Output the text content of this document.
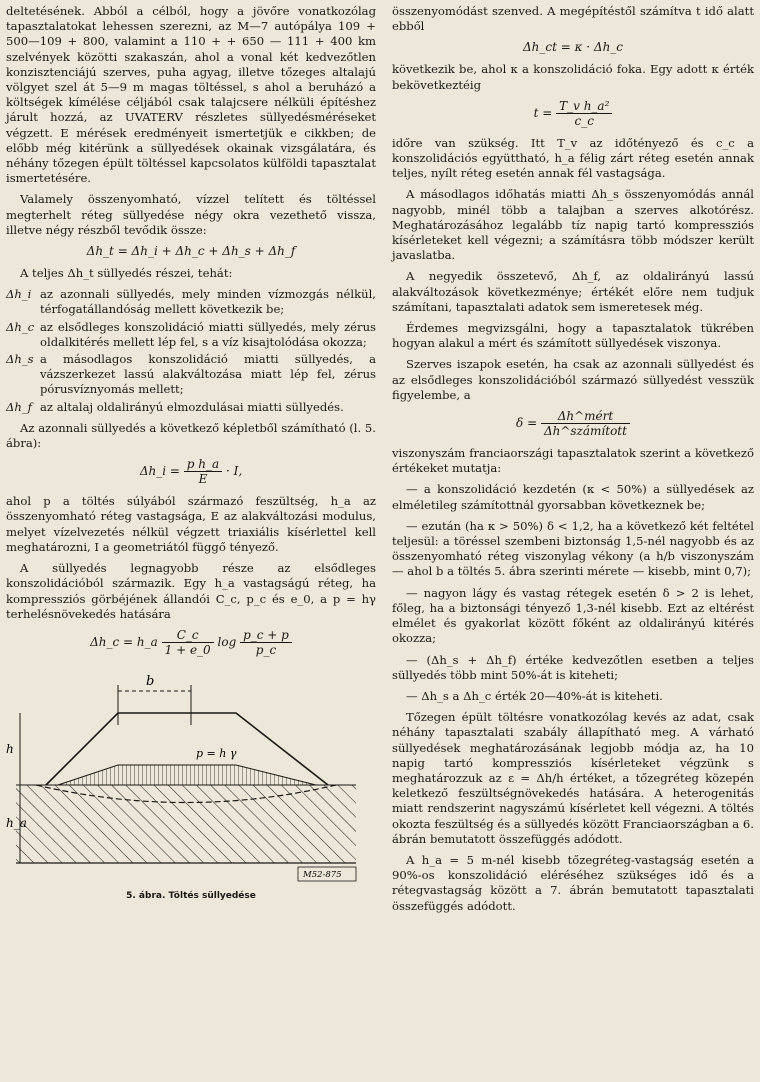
deltetésének. Abból a célból, hogy a jövőre vonatkozólag tapasztalatokat lehessen szerezni, az M—7 autópálya 109 + 500—109 + 800, valamint a 110 + + 650 — 111 + 400 km szelvények közötti szakaszán, ahol a vonal két kedvezőtlen konzisztenciájú szerves, puha agyag, illetve tőzeges altalajú völgyet szel át 5—9 m magas töltéssel, s ahol a beruházó a költségek kímélése céljából csak talajcsere nélküli építéshez járult hozzá, az UVATERV részletes süllyedésméréseket végzett. E mérések eredményeit ismertetjük e cikkben; de előbb még kitérünk a süllyedések okainak vizsgálatára, és néhány tőzegen épült töltéssel kapcsolatos külföldi tapasztalat ismertetésére.

Valamely összenyomható, vízzel telített és töltéssel megterhelt réteg süllyedése négy okra vezethető vissza, illetve négy részből tevődik össze:

Δh_t = Δh_i + Δh_c + Δh_s + Δh_f

A teljes Δh_t süllyedés részei, tehát:

Δh_i az azonnali süllyedés, mely minden vízmozgás nélkül, térfogatállandóság mellett következik be;
Δh_c az elsődleges konszolidáció miatti süllyedés, mely zérus oldalkitérés mellett lép fel, s a víz kisajtolódása okozza;
Δh_s a másodlagos konszolidáció miatti süllyedés, a vázszerkezet lassú alakváltozása miatt lép fel, zérus pórusvíznyomás mellett;
Δh_f az altalaj oldalirányú elmozdulásai miatti süllyedés.

Az azonnali süllyedés a következő képletből számítható (l. 5. ábra):

Δh_i = $\frac{\text{p h\_a}}{E} \cdot I$,

ahol p a töltés súlyából származó feszültség, h_a az összenyomható réteg vastagsága, E az alakváltozási modulus, melyet vízelvezetés nélkül végzett triaxiális kísérlettel kell meghatározni, I a geometriától függő tényező.

A süllyedés legnagyobb része az elsődleges konszolidációból származik. Egy h_a vastagságú réteg, ha kompressziós görbéjének állandói C_c, p_c és e_0, a p = hγ terhelésnövekedés hatására

Δh_c = h_a $\frac{C\_c}{1 + e\_0}$ $\log \frac{p\_c + p}{p\_c}$
b
p = h γ
h
h_a
M52-875
5. ábra. Töltés süllyedése

összenyomódást szenved. A megépítéstől számítva t idő alatt ebből

Δh_ct = κ · Δh_c

következik be, ahol κ a konszolidáció foka. Egy adott κ érték bekövetkeztéig

$t = \frac{\text{T\_v h\_a²}}{c\_c}$

időre van szükség. Itt T_v az időtényező és c_c a konszolidációs együttható, h_a félig zárt réteg esetén annak teljes, nyílt réteg esetén annak fél vastagsága.

A másodlagos időhatás miatti Δh_s összenyomódás annál nagyobb, minél több a talajban a szerves alkotórész. Meghatározásához legalább tíz napig tartó kompressziós kísérleteket kell végezni; a számításra több módszer került javaslatba.

A negyedik összetevő, Δh_f, az oldalirányú lassú alakváltozások következménye; értékét előre nem tudjuk számítani, tapasztalati adatok sem ismeretesek még.

Érdemes megvizsgálni, hogy a tapasztalatok tükrében hogyan alakul a mért és számított süllyedések viszonya.

Szerves iszapok esetén, ha csak az azonnali süllyedést és az elsődleges konszolidációból származó süllyedést vesszük figyelembe, a

$\delta = \frac{\text{Δh\textasciicircum{}mért}}{\text{Δh\textasciicircum{}számított}}$

viszonyszám franciaországi tapasztalatok szerint a következő értékeket mutatja:

— a konszolidáció kezdetén (κ < 50%) a süllyedések az elméletileg számítottnál gyorsabban következnek be;

— ezután (ha κ > 50%) δ < 1,2, ha a következő két feltétel teljesül: a töréssel szembeni biztonság 1,5-nél nagyobb és az összenyomható réteg viszonylag vékony (a h/b viszonyszám — ahol b a töltés 5. ábra szerinti mérete — kisebb, mint 0,7);

— nagyon lágy és vastag rétegek esetén δ > 2 is lehet, főleg, ha a biztonsági tényező 1,3-nél kisebb. Ezt az eltérést elmélet és gyakorlat között főként az oldalirányú kitérés okozza;

— (Δh_s + Δh_f) értéke kedvezőtlen esetben a teljes süllyedés több mint 50%-át is kiteheti;

— Δh_s a Δh_c érték 20—40%-át is kiteheti.

Tőzegen épült töltésre vonatkozólag kevés az adat, csak néhány tapasztalati szabály állapítható meg. A várható süllyedések meghatározásának legjobb módja az, ha 10 napig tartó kompressziós kísérleteket végzünk s meghatározzuk az ε = Δh/h értéket, a tőzegréteg közepén keletkező feszültségnövekedés hatására. A heterogenitás miatt rendszerint nagyszámú kísérletet kell végezni. A töltés okozta feszültség és a süllyedés között Franciaországban a 6. ábrán bemutatott összefüggés adódott.

A h_a = 5 m-nél kisebb tőzegréteg-vastagság esetén a 90%-os konszolidáció eléréséhez szükséges idő és a rétegvastagság között a 7. ábrán bemutatott tapasztalati összefüggés adódott.
